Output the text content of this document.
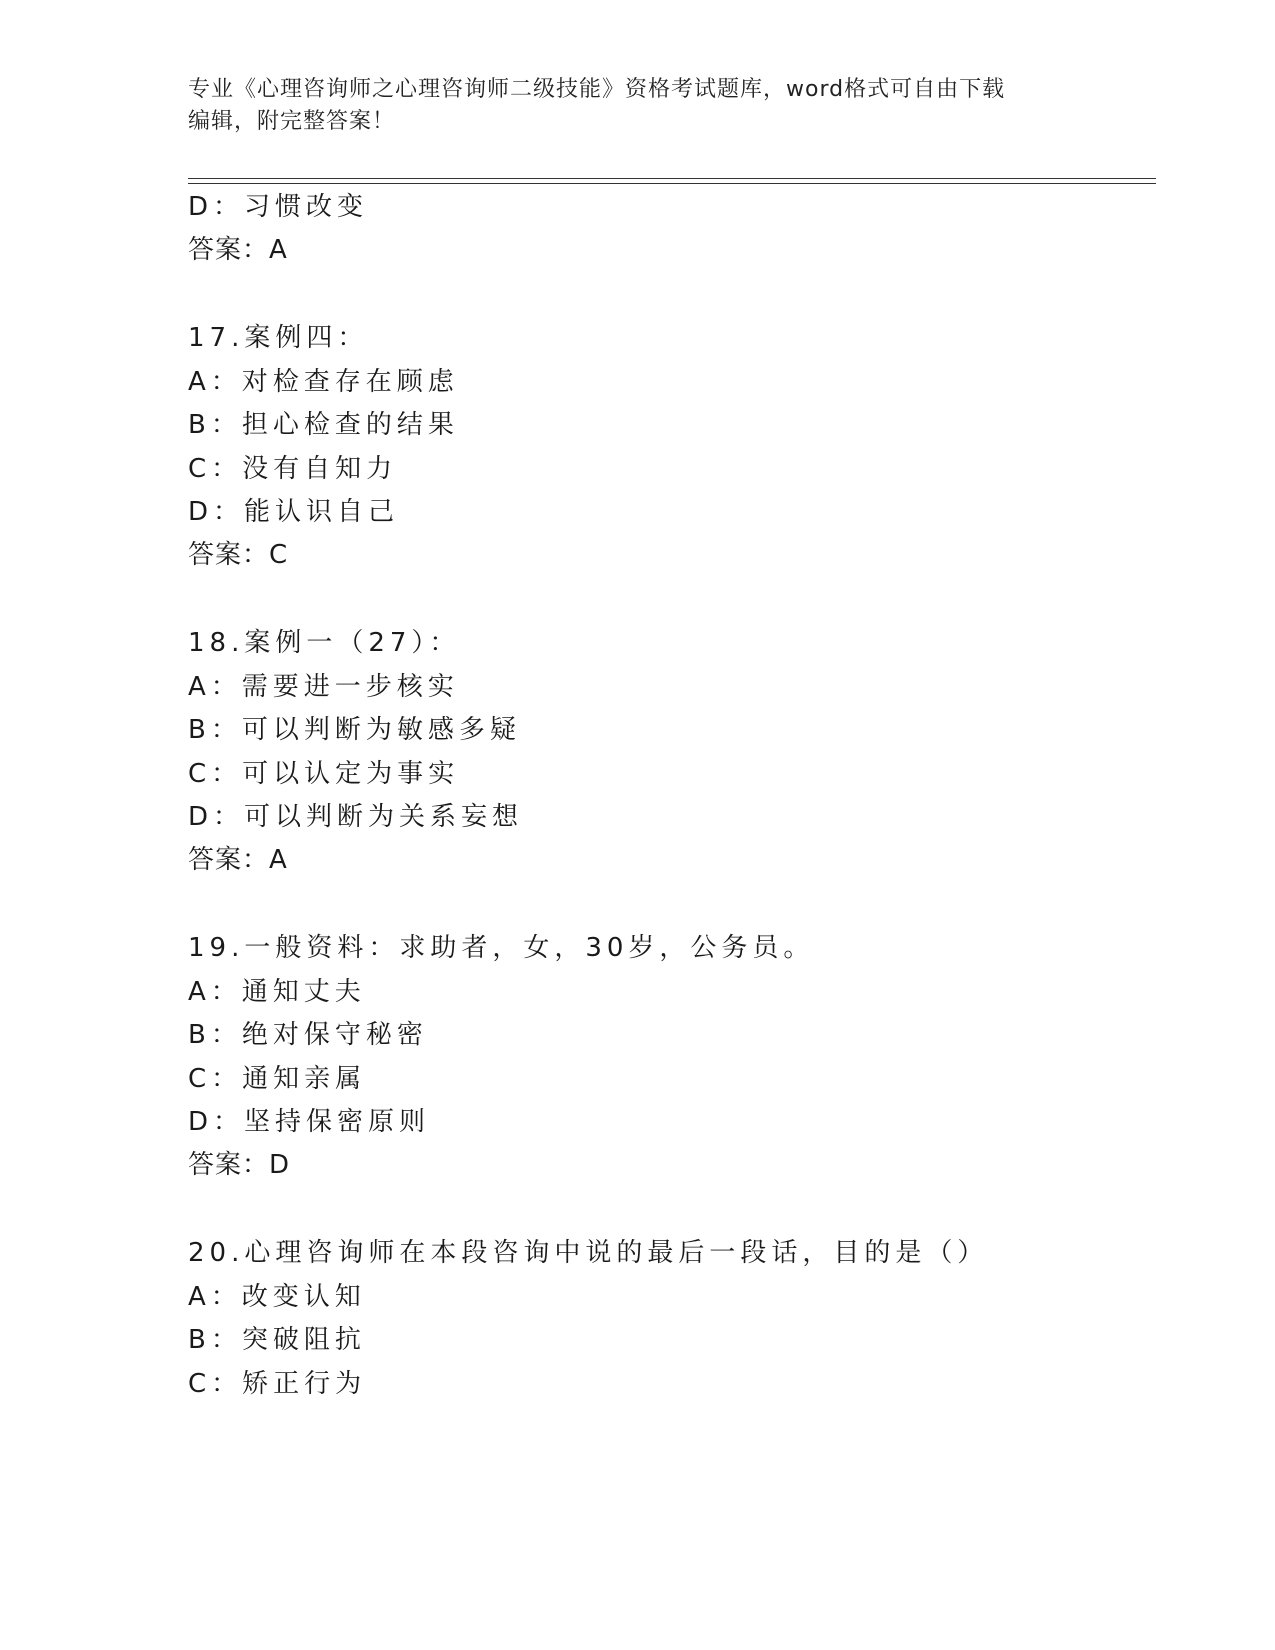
专业《心理咨询师之心理咨询师二级技能》资格考试题库，word格式可自由下载
编辑，附完整答案！
D：习惯改变
答案：A
17.案例四：
A：对检查存在顾虑
B：担心检查的结果
C：没有自知力
D：能认识自己
答案：C
18.案例一（27）：
A：需要进一步核实
B：可以判断为敏感多疑
C：可以认定为事实
D：可以判断为关系妄想
答案：A
19.一般资料：求助者，女，30岁，公务员。
A：通知丈夫
B：绝对保守秘密
C：通知亲属
D：坚持保密原则
答案：D
20.心理咨询师在本段咨询中说的最后一段话，目的是（）
A：改变认知
B：突破阻抗
C：矫正行为
